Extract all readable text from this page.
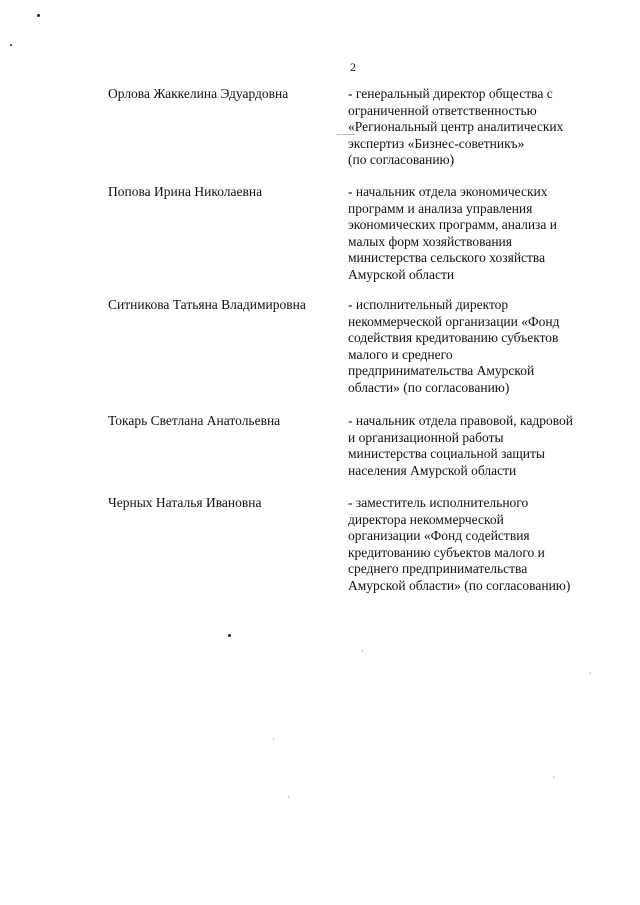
2
Орлова Жаккелина Эдуардовна	- генеральный директор общества с
ограниченной ответственностью
«Региональный центр аналитических
экспертиз «Бизнес-советникъ»
(по согласованию)
Попова Ирина Николаевна	- начальник отдела экономических
программ и анализа управления
экономических программ, анализа и
малых форм хозяйствования
министерства сельского хозяйства
Амурской области
Ситникова Татьяна Владимировна	- исполнительный директор
некоммерческой организации «Фонд
содействия кредитованию субъектов
малого и среднего
предпринимательства Амурской
области» (по согласованию)
Токарь Светлана Анатольевна	- начальник отдела правовой, кадровой
и организационной работы
министерства социальной защиты
населения Амурской области
Черных Наталья Ивановна	- заместитель исполнительного
директора некоммерческой
организации «Фонд содействия
кредитованию субъектов малого и
среднего предпринимательства
Амурской области» (по согласованию)
